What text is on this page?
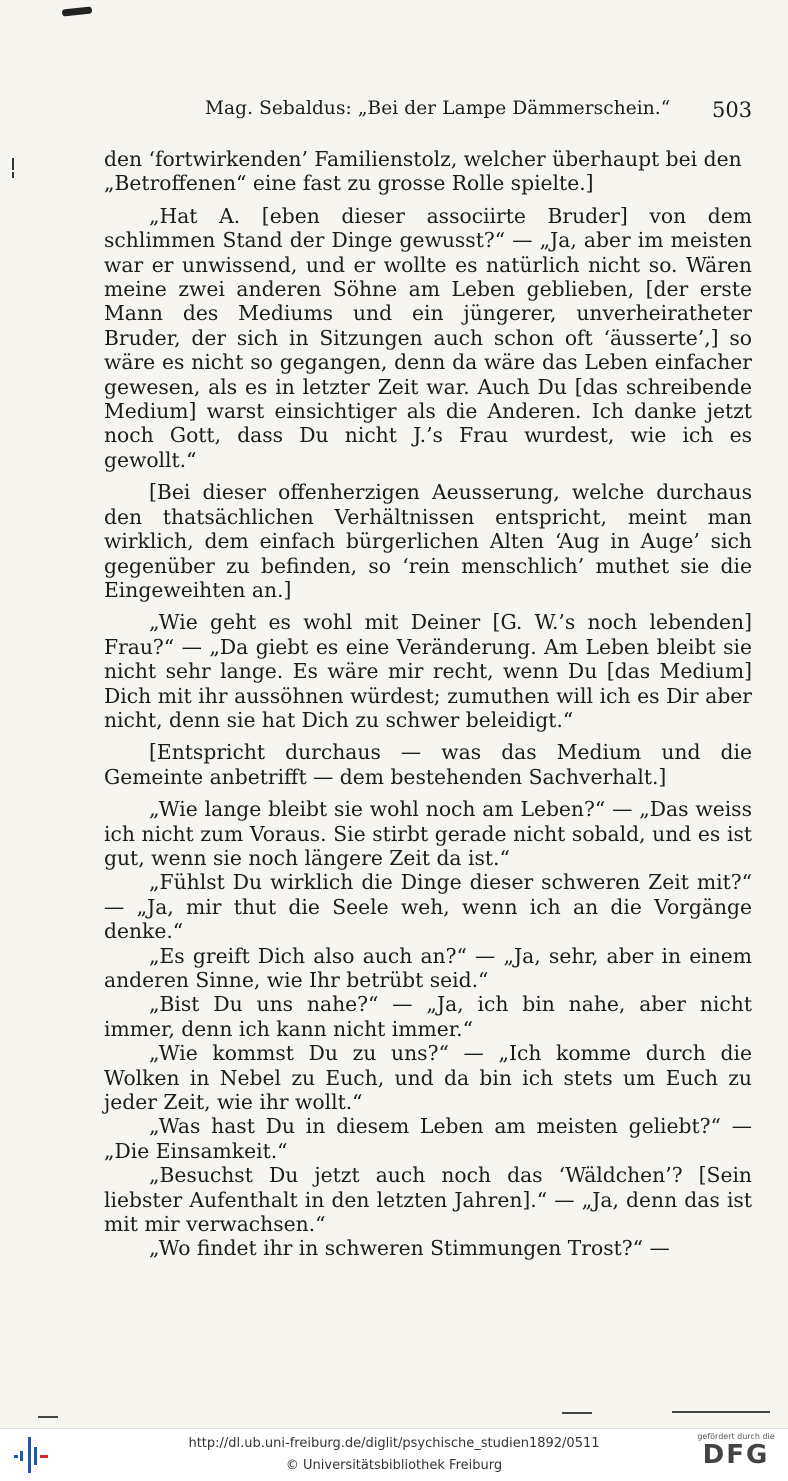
Mag. Sebaldus: „Bei der Lampe Dämmerschein.“ 503

den ‘fortwirkenden’ Familienstolz, welcher überhaupt bei den „Betroffenen“ eine fast zu grosse Rolle spielte.]

„Hat A. [eben dieser associirte Bruder] von dem schlimmen Stand der Dinge gewusst?“ — „Ja, aber im meisten war er unwissend, und er wollte es natürlich nicht so. Wären meine zwei anderen Söhne am Leben geblieben, [der erste Mann des Mediums und ein jüngerer, unverheiratheter Bruder, der sich in Sitzungen auch schon oft ‘äusserte’,] so wäre es nicht so gegangen, denn da wäre das Leben einfacher gewesen, als es in letzter Zeit war. Auch Du [das schreibende Medium] warst einsichtiger als die Anderen. Ich danke jetzt noch Gott, dass Du nicht J.’s Frau wurdest, wie ich es gewollt.“

[Bei dieser offenherzigen Aeusserung, welche durchaus den thatsächlichen Verhältnissen entspricht, meint man wirklich, dem einfach bürgerlichen Alten ‘Aug in Auge’ sich gegenüber zu befinden, so ‘rein menschlich’ muthet sie die Eingeweihten an.]

„Wie geht es wohl mit Deiner [G. W.’s noch lebenden] Frau?“ — „Da giebt es eine Veränderung. Am Leben bleibt sie nicht sehr lange. Es wäre mir recht, wenn Du [das Medium] Dich mit ihr aussöhnen würdest; zumuthen will ich es Dir aber nicht, denn sie hat Dich zu schwer beleidigt.“

[Entspricht durchaus — was das Medium und die Gemeinte anbetrifft — dem bestehenden Sachverhalt.]

„Wie lange bleibt sie wohl noch am Leben?“ — „Das weiss ich nicht zum Voraus. Sie stirbt gerade nicht sobald, und es ist gut, wenn sie noch längere Zeit da ist.“

„Fühlst Du wirklich die Dinge dieser schweren Zeit mit?“ — „Ja, mir thut die Seele weh, wenn ich an die Vorgänge denke.“

„Es greift Dich also auch an?“ — „Ja, sehr, aber in einem anderen Sinne, wie Ihr betrübt seid.“

„Bist Du uns nahe?“ — „Ja, ich bin nahe, aber nicht immer, denn ich kann nicht immer.“

„Wie kommst Du zu uns?“ — „Ich komme durch die Wolken in Nebel zu Euch, und da bin ich stets um Euch zu jeder Zeit, wie ihr wollt.“

„Was hast Du in diesem Leben am meisten geliebt?“ — „Die Einsamkeit.“

„Besuchst Du jetzt auch noch das ‘Wäldchen’? [Sein liebster Aufenthalt in den letzten Jahren].“ — „Ja, denn das ist mit mir verwachsen.“

„Wo findet ihr in schweren Stimmungen Trost?“ —

http://dl.ub.uni-freiburg.de/diglit/psychische_studien1892/0511
© Universitätsbibliothek Freiburg
gefördert durch die
DFG
